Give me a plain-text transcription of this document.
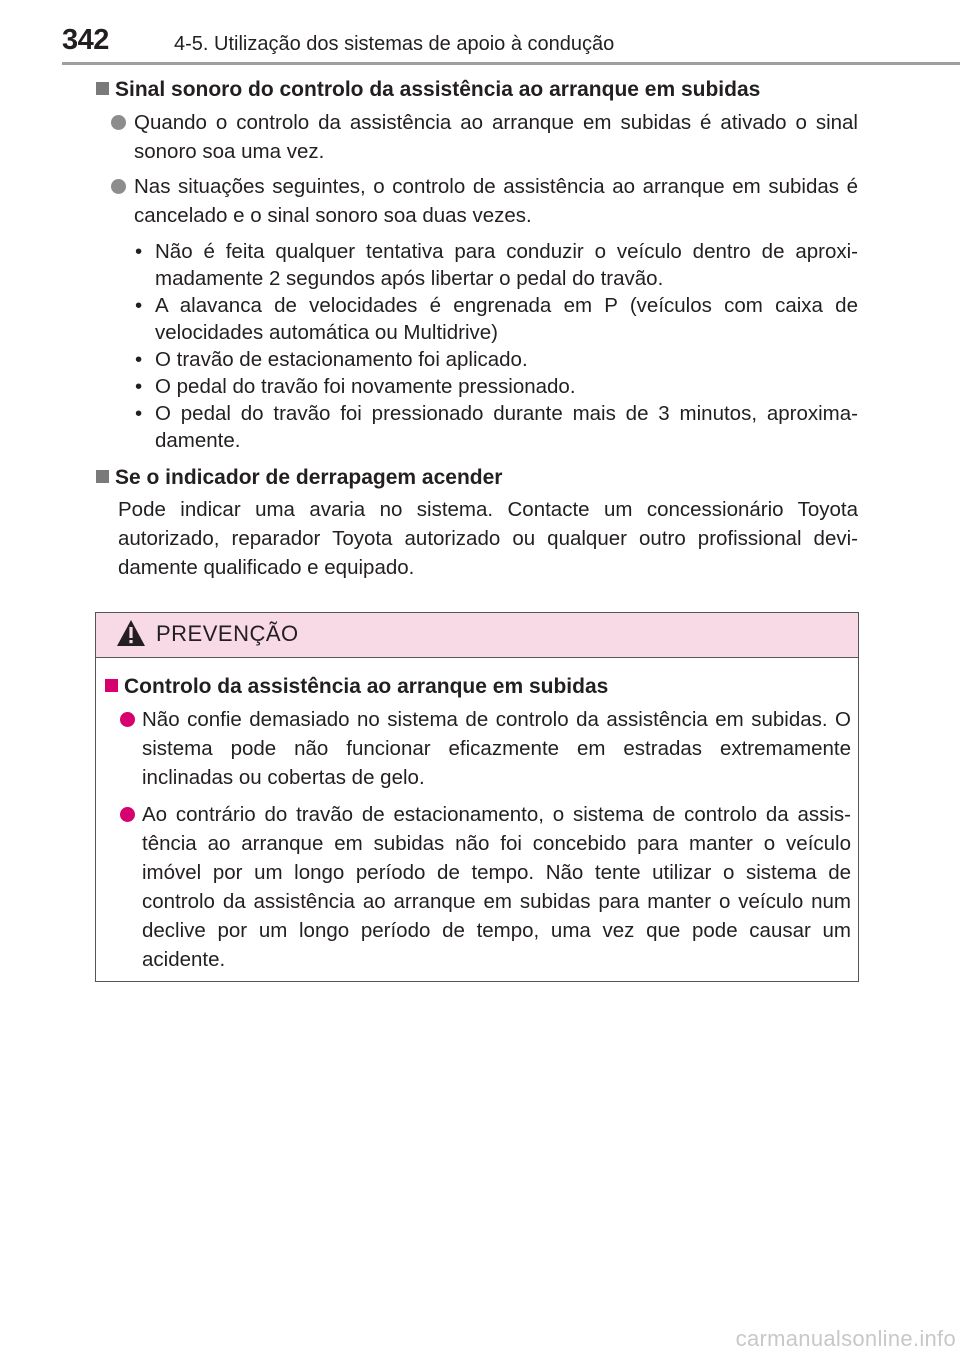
342	4-5. Utilização dos sistemas de apoio à condução
Sinal sonoro do controlo da assistência ao arranque em subidas
Quando o controlo da assistência ao arranque em subidas é ativado o sinal sonoro soa uma vez.
Nas situações seguintes, o controlo de assistência ao arranque em subidas é cancelado e o sinal sonoro soa duas vezes.
• Não é feita qualquer tentativa para conduzir o veículo dentro de aproxi-madamente 2 segundos após libertar o pedal do travão.
• A alavanca de velocidades é engrenada em P (veículos com caixa de velocidades automática ou Multidrive)
• O travão de estacionamento foi aplicado.
• O pedal do travão foi novamente pressionado.
• O pedal do travão foi pressionado durante mais de 3 minutos, aproxima-damente.
Se o indicador de derrapagem acender
Pode indicar uma avaria no sistema. Contacte um concessionário Toyota autorizado, reparador Toyota autorizado ou qualquer outro profissional devi-damente qualificado e equipado.
PREVENÇÃO
Controlo da assistência ao arranque em subidas
Não confie demasiado no sistema de controlo da assistência em subidas. O sistema pode não funcionar eficazmente em estradas extremamente inclinadas ou cobertas de gelo.
Ao contrário do travão de estacionamento, o sistema de controlo da assis-tência ao arranque em subidas não foi concebido para manter o veículo imóvel por um longo período de tempo. Não tente utilizar o sistema de controlo da assistência ao arranque em subidas para manter o veículo num declive por um longo período de tempo, uma vez que pode causar um acidente.
carmanualsonline.info
